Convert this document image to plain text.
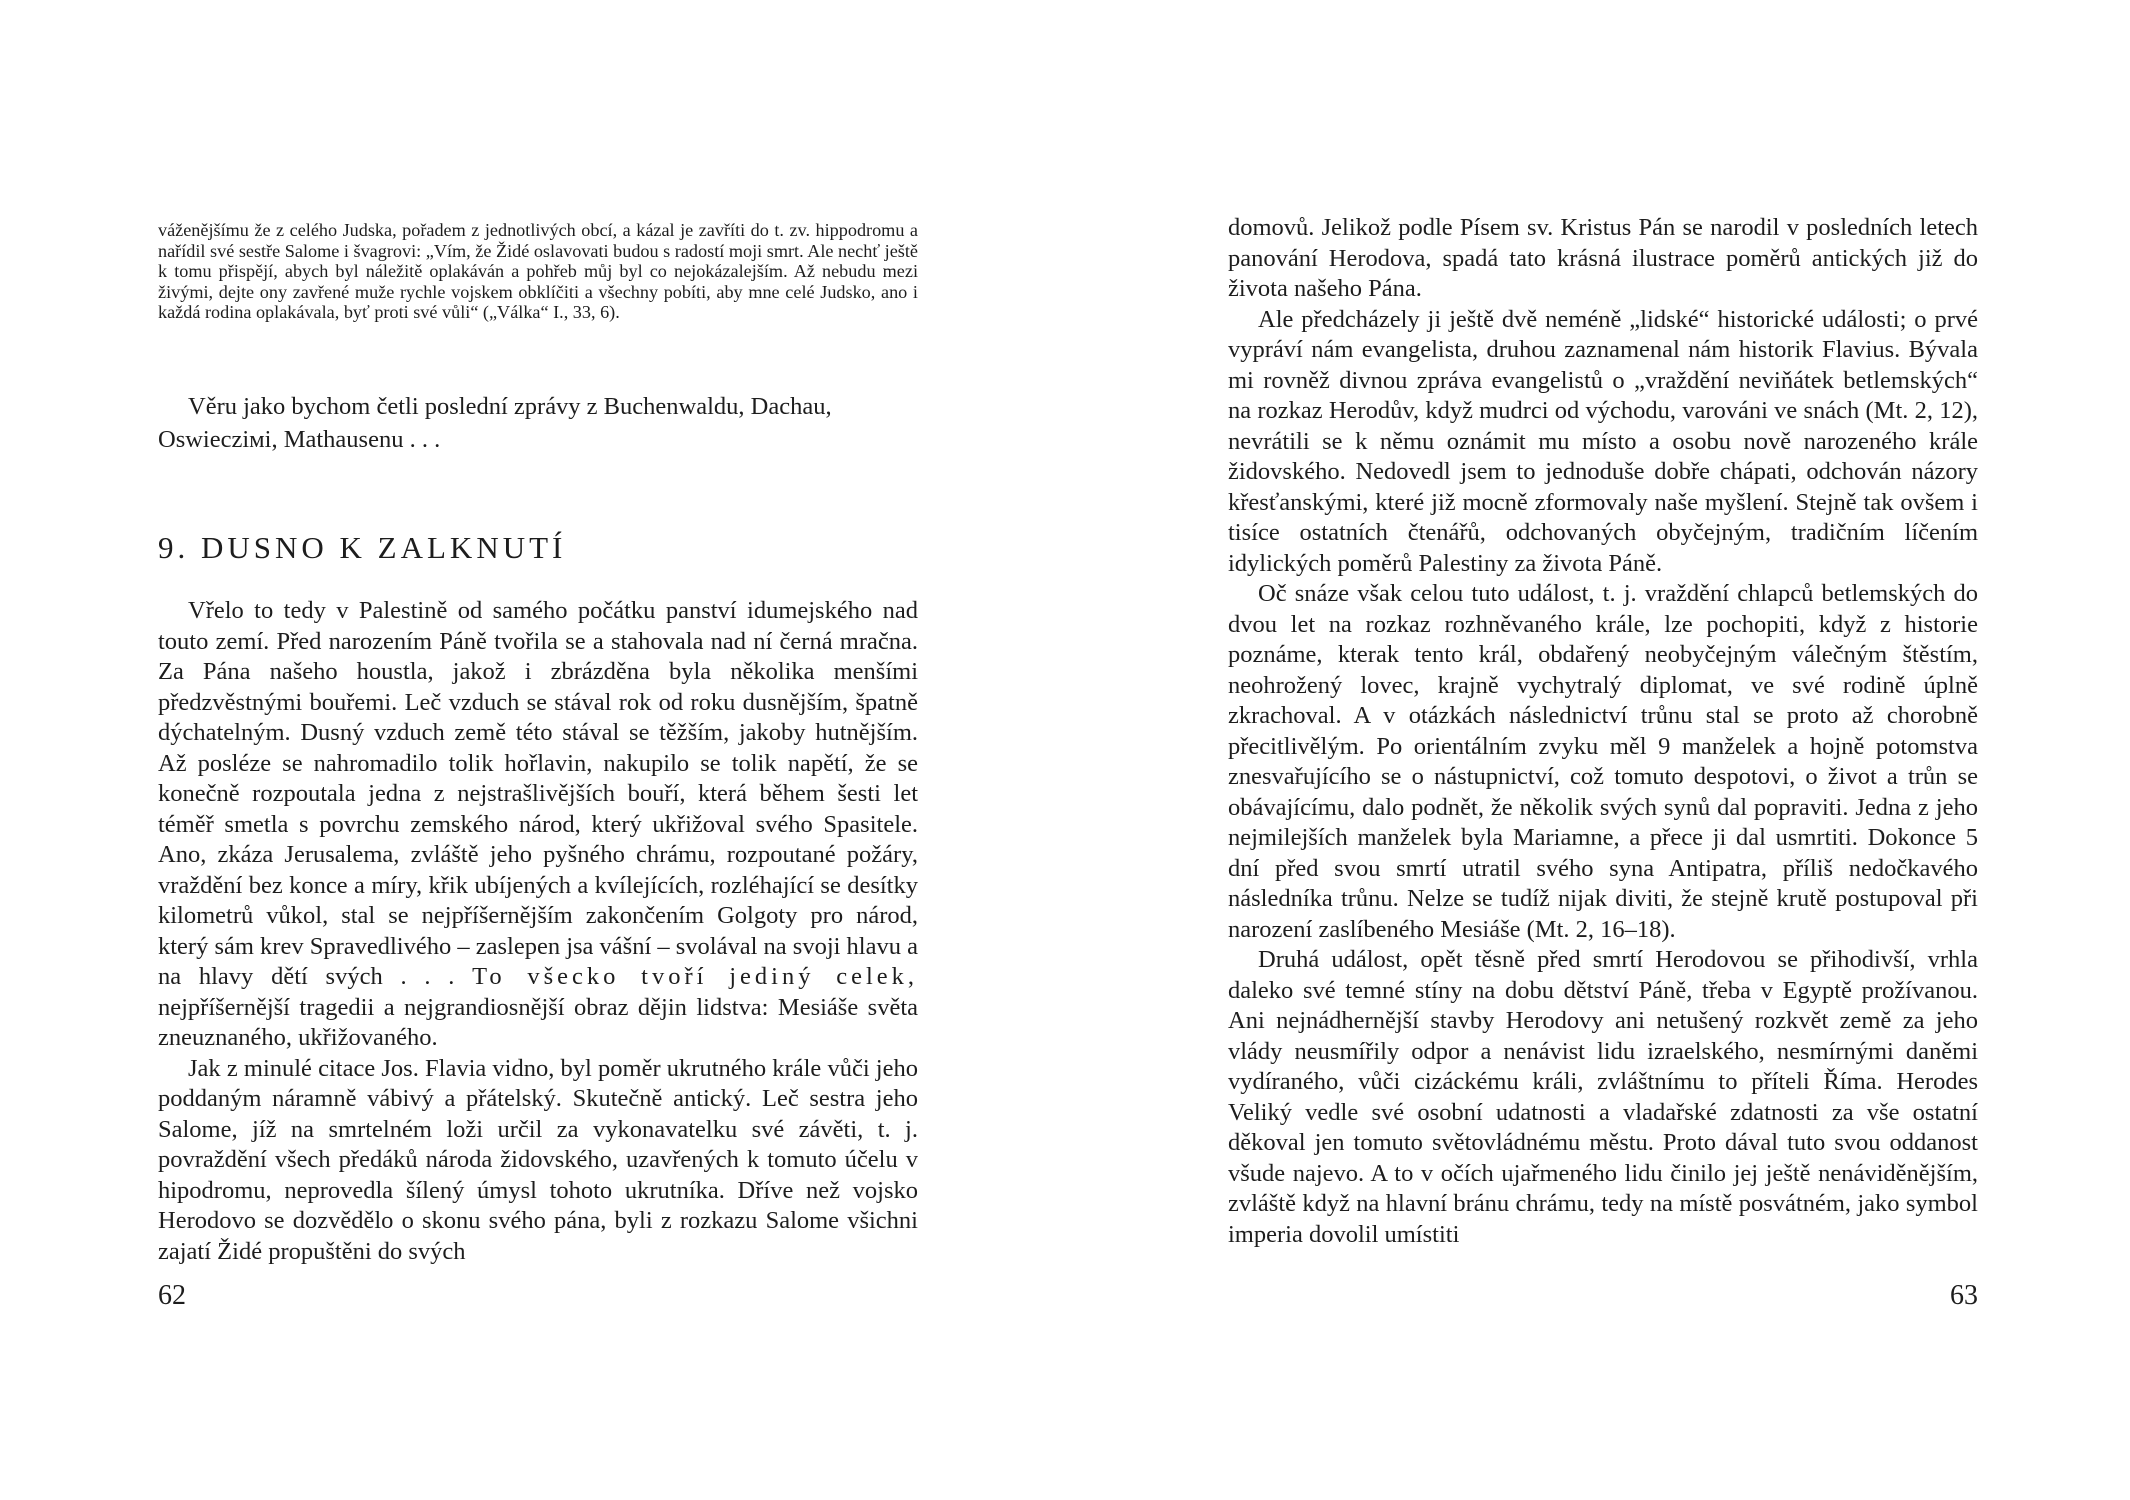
váženějšímu že z celého Judska, pořadem z jednotlivých obcí, a kázal je zavříti do t. zv. hippodromu a nařídil své sestře Salome i švagrovi: „Vím, že Židé oslavovati budou s radostí moji smrt. Ale nechť ještě k tomu přispějí, abych byl náležitě oplakáván a pohřeb můj byl co nejokázalejším. Až nebudu mezi živými, dejte ony zavřené muže rychle vojskem obklíčiti a všechny pobíti, aby mne celé Judsko, ano i každá rodina oplakávala, byť proti své vůli“ („Válka“ I., 33, 6).

Věru jako bychom četli poslední zprávy z Buchenwaldu, Dachau, Oswiecziмi, Mathausenu . . .

9. DUSNO K ZALKNUTÍ

Vřelo to tedy v Palestině od samého počátku panství idumejského nad touto zemí. Před narozením Páně tvořila se a stahovala nad ní černá mračna. Za Pána našeho houstla, jakož i zbrázděna byla několika menšími předzvěstnými bouřemi. Leč vzduch se stával rok od roku dusnějším, špatně dýchatelným. Dusný vzduch země této stával se těžším, jakoby hutnějším. Až posléze se nahromadilo tolik hořlavin, nakupilo se tolik napětí, že se konečně rozpoutala jedna z nejstrašlivějších bouří, která během šesti let téměř smetla s povrchu zemského národ, který ukřižoval svého Spasitele. Ano, zkáza Jerusalema, zvláště jeho pyšného chrámu, rozpoutané požáry, vraždění bez konce a míry, křik ubíjených a kvílejících, rozléhající se desítky kilometrů vůkol, stal se nejpříšernějším zakončením Golgoty pro národ, který sám krev Spravedlivého – zaslepen jsa vášní – svolával na svoji hlavu a na hlavy dětí svých . . . To všecko tvoří jediný celek, nejpříšernější tragedii a nejgrandiosnější obraz dějin lidstva: Mesiáše světa zneuznaného, ukřižovaného.

Jak z minulé citace Jos. Flavia vidno, byl poměr ukrutného krále vůči jeho poddaným náramně vábivý a přátelský. Skutečně antický. Leč sestra jeho Salome, jíž na smrtelném loži určil za vykonavatelku své závěti, t. j. povraždění všech předáků národa židovského, uzavřených k tomuto účelu v hipodromu, neprovedla šílený úmysl tohoto ukrutníka. Dříve než vojsko Herodovo se dozvědělo o skonu svého pána, byli z rozkazu Salome všichni zajatí Židé propuštěni do svých

62

domovů. Jelikož podle Písem sv. Kristus Pán se narodil v posledních letech panování Herodova, spadá tato krásná ilustrace poměrů antických již do života našeho Pána.

Ale předcházely ji ještě dvě neméně „lidské“ historické události; o prvé vypráví nám evangelista, druhou zaznamenal nám historik Flavius. Bývala mi rovněž divnou zpráva evangelistů o „vraždění neviňátek betlemských“ na rozkaz Herodův, když mudrci od východu, varováni ve snách (Mt. 2, 12), nevrátili se k němu oznámit mu místo a osobu nově narozeného krále židovského. Nedovedl jsem to jednoduše dobře chápati, odchován názory křesťanskými, které již mocně zformovaly naše myšlení. Stejně tak ovšem i tisíce ostatních čtenářů, odchovaných obyčejným, tradičním líčením idylických poměrů Palestiny za života Páně.

Oč snáze však celou tuto událost, t. j. vraždění chlapců betlemských do dvou let na rozkaz rozhněvaného krále, lze pochopiti, když z historie poznáme, kterak tento král, obdařený neobyčejným válečným štěstím, neohrožený lovec, krajně vychytralý diplomat, ve své rodině úplně zkrachoval. A v otázkách následnictví trůnu stal se proto až chorobně přecitlivělým. Po orientálním zvyku měl 9 manželek a hojně potomstva znesvařujícího se o nástupnictví, což tomuto despotovi, o život a trůn se obávajícímu, dalo podnět, že několik svých synů dal popraviti. Jedna z jeho nejmilejších manželek byla Mariamne, a přece ji dal usmrtiti. Dokonce 5 dní před svou smrtí utratil svého syna Antipatra, příliš nedočkavého následníka trůnu. Nelze se tudíž nijak diviti, že stejně krutě postupoval při narození zaslíbeného Mesiáše (Mt. 2, 16–18).

Druhá událost, opět těsně před smrtí Herodovou se přihodivší, vrhla daleko své temné stíny na dobu dětství Páně, třeba v Egyptě prožívanou. Ani nejnádhernější stavby Herodovy ani netušený rozkvět země za jeho vlády neusmířily odpor a nenávist lidu izraelského, nesmírnými daněmi vydíraného, vůči cizáckému králi, zvláštnímu to příteli Říma. Herodes Veliký vedle své osobní udatnosti a vladařské zdatnosti za vše ostatní děkoval jen tomuto světovládnému městu. Proto dával tuto svou oddanost všude najevo. A to v očích ujařmeného lidu činilo jej ještě nenáviděnějším, zvláště když na hlavní bránu chrámu, tedy na místě posvátném, jako symbol imperia dovolil umístiti

63
